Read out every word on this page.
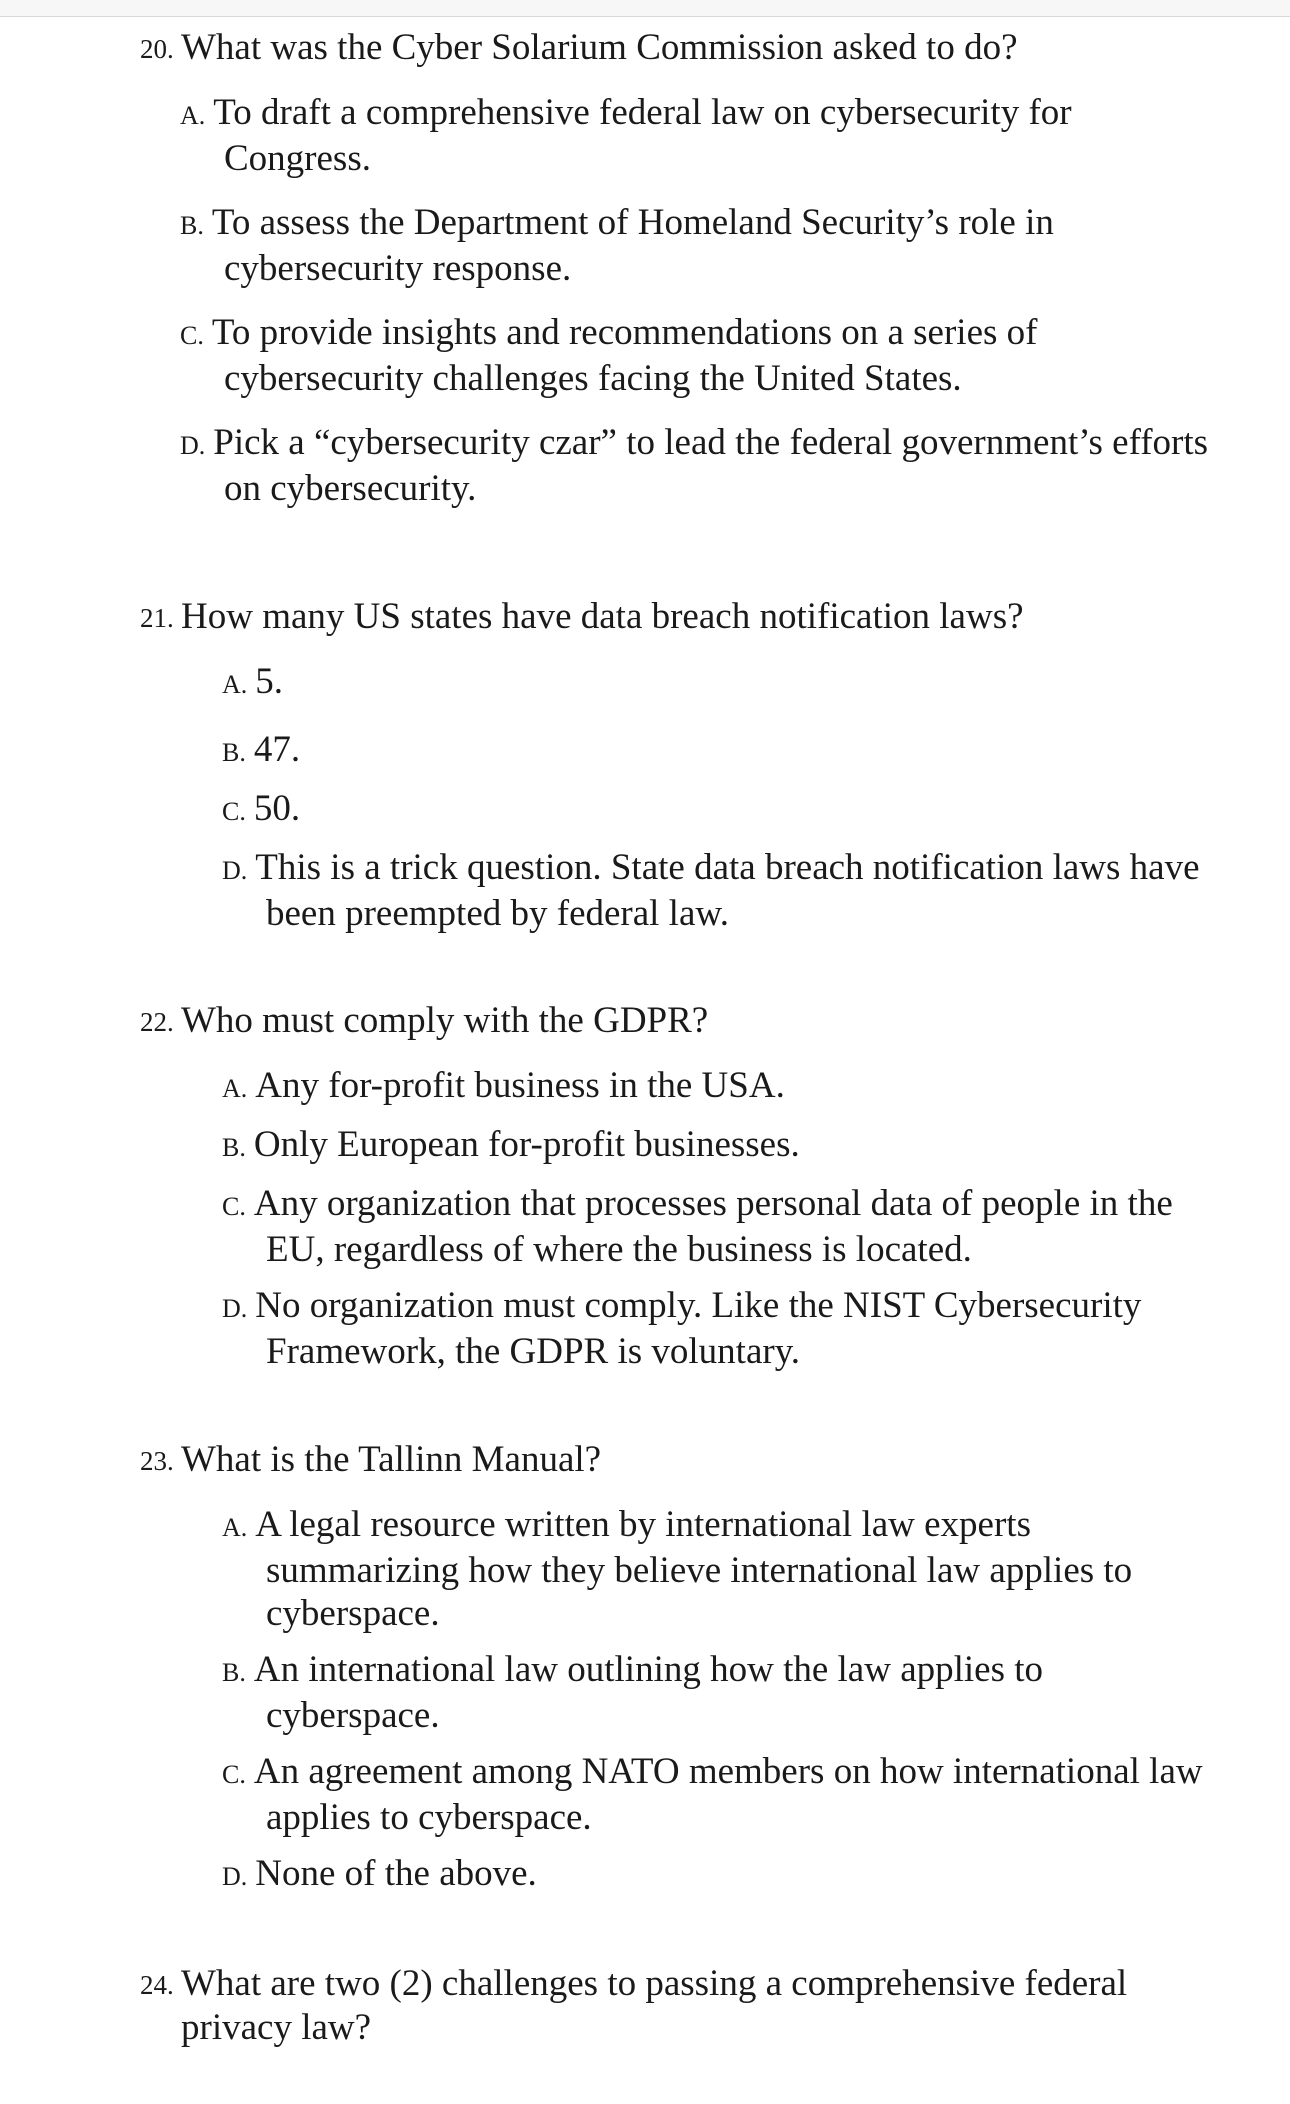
20. What was the Cyber Solarium Commission asked to do?
A. To draft a comprehensive federal law on cybersecurity for Congress.
B. To assess the Department of Homeland Security’s role in cybersecurity response.
C. To provide insights and recommendations on a series of cybersecurity challenges facing the United States.
D. Pick a “cybersecurity czar” to lead the federal government’s efforts on cybersecurity.
21. How many US states have data breach notification laws?
A. 5.
B. 47.
C. 50.
D. This is a trick question. State data breach notification laws have been preempted by federal law.
22. Who must comply with the GDPR?
A. Any for-profit business in the USA.
B. Only European for-profit businesses.
C. Any organization that processes personal data of people in the EU, regardless of where the business is located.
D. No organization must comply. Like the NIST Cybersecurity Framework, the GDPR is voluntary.
23. What is the Tallinn Manual?
A. A legal resource written by international law experts summarizing how they believe international law applies to cyberspace.
B. An international law outlining how the law applies to cyberspace.
C. An agreement among NATO members on how international law applies to cyberspace.
D. None of the above.
24. What are two (2) challenges to passing a comprehensive federal privacy law?
